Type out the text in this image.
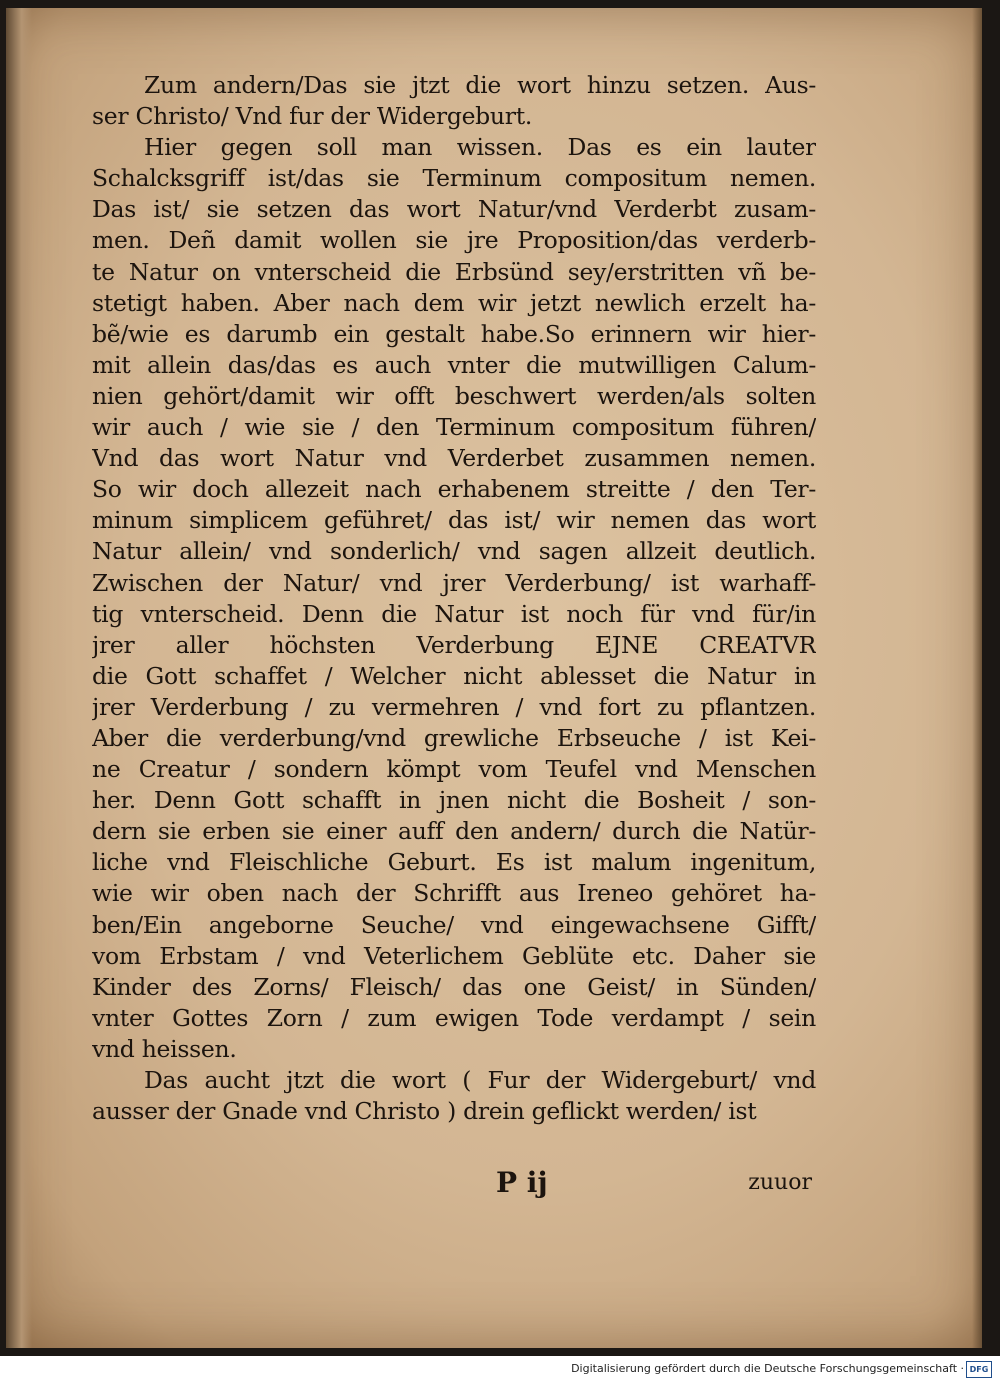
Zum andern/Das sie jtzt die wort hinzu setzen. Aus-
ser Christo/ Vnd fur der Widergeburt.
Hier gegen soll man wissen. Das es ein lauter
Schalcksgriff ist/das sie Terminum compositum nemen.
Das ist/ sie setzen das wort Natur/vnd Verderbt zusam-
men. Deñ damit wollen sie jre Proposition/das verderb-
te Natur on vnterscheid die Erbsünd sey/erstritten vñ be-
stetigt haben. Aber nach dem wir jetzt newlich erzelt ha-
bẽ/wie es darumb ein gestalt habe.So erinnern wir hier-
mit allein das/das es auch vnter die mutwilligen Calum-
nien gehört/damit wir offt beschwert werden/als solten
wir auch / wie sie / den Terminum compositum führen/
Vnd das wort Natur vnd Verderbet zusammen nemen.
So wir doch allezeit nach erhabenem streitte / den Ter-
minum simplicem geführet/ das ist/ wir nemen das wort
Natur allein/ vnd sonderlich/ vnd sagen allzeit deutlich.
Zwischen der Natur/ vnd jrer Verderbung/ ist warhaff-
tig vnterscheid. Denn die Natur ist noch für vnd für/in
jrer aller höchsten Verderbung EJNE CREATVR
die Gott schaffet / Welcher nicht ablesset die Natur in
jrer Verderbung / zu vermehren / vnd fort zu pflantzen.
Aber die verderbung/vnd grewliche Erbseuche / ist Kei-
ne Creatur / sondern kömpt vom Teufel vnd Menschen
her. Denn Gott schafft in jnen nicht die Bosheit / son-
dern sie erben sie einer auff den andern/ durch die Natür-
liche vnd Fleischliche Geburt. Es ist malum ingenitum,
wie wir oben nach der Schrifft aus Ireneo gehöret ha-
ben/Ein angeborne Seuche/ vnd eingewachsene Gifft/
vom Erbstam / vnd Veterlichem Geblüte etc. Daher sie
Kinder des Zorns/ Fleisch/ das one Geist/ in Sünden/
vnter Gottes Zorn / zum ewigen Tode verdampt / sein
vnd heissen.
Das aucht jtzt die wort ( Fur der Widergeburt/ vnd
ausser der Gnade vnd Christo ) drein geflickt werden/ ist
P ij	zuuor
Digitalisierung gefördert durch die Deutsche Forschungsgemeinschaft · DFG
